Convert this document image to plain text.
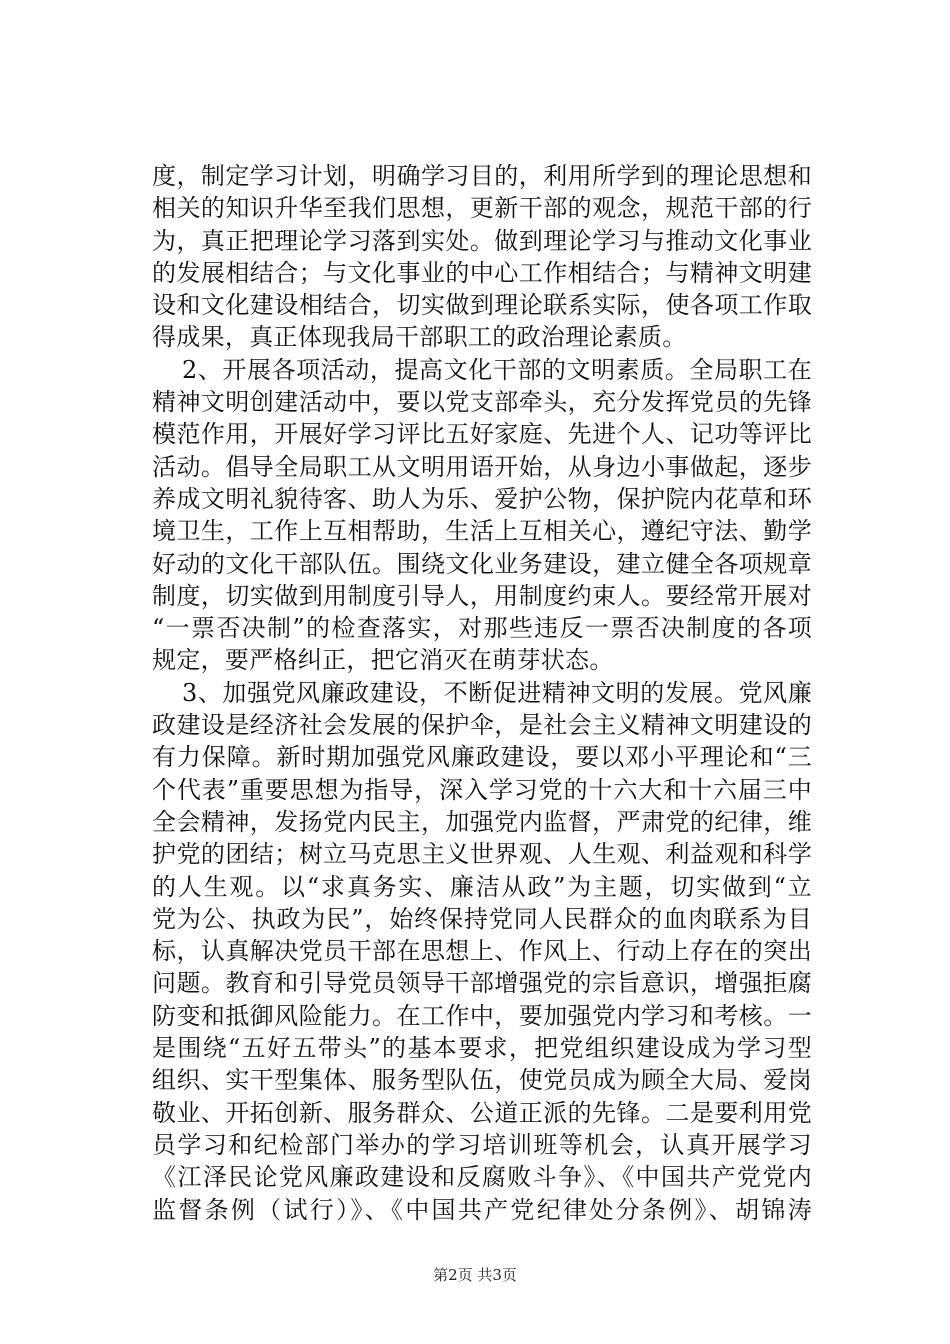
度，制定学习计划，明确学习目的，利用所学到的理论思想和
相关的知识升华至我们思想，更新干部的观念，规范干部的行
为，真正把理论学习落到实处。做到理论学习与推动文化事业
的发展相结合；与文化事业的中心工作相结合；与精神文明建
设和文化建设相结合，切实做到理论联系实际，使各项工作取
得成果，真正体现我局干部职工的政治理论素质。
2、开展各项活动，提高文化干部的文明素质。全局职工在
精神文明创建活动中，要以党支部牵头，充分发挥党员的先锋
模范作用，开展好学习评比五好家庭、先进个人、记功等评比
活动。倡导全局职工从文明用语开始，从身边小事做起，逐步
养成文明礼貌待客、助人为乐、爱护公物，保护院内花草和环
境卫生，工作上互相帮助，生活上互相关心，遵纪守法、勤学
好动的文化干部队伍。围绕文化业务建设，建立健全各项规章
制度，切实做到用制度引导人，用制度约束人。要经常开展对
“一票否决制”的检查落实，对那些违反一票否决制度的各项
规定，要严格纠正，把它消灭在萌芽状态。
3、加强党风廉政建设，不断促进精神文明的发展。党风廉
政建设是经济社会发展的保护伞，是社会主义精神文明建设的
有力保障。新时期加强党风廉政建设，要以邓小平理论和“三
个代表”重要思想为指导，深入学习党的十六大和十六届三中
全会精神，发扬党内民主，加强党内监督，严肃党的纪律，维
护党的团结；树立马克思主义世界观、人生观、利益观和科学
的人生观。以“求真务实、廉洁从政”为主题，切实做到“立
党为公、执政为民”，始终保持党同人民群众的血肉联系为目
标，认真解决党员干部在思想上、作风上、行动上存在的突出
问题。教育和引导党员领导干部增强党的宗旨意识，增强拒腐
防变和抵御风险能力。在工作中，要加强党内学习和考核。一
是围绕“五好五带头”的基本要求，把党组织建设成为学习型
组织、实干型集体、服务型队伍，使党员成为顾全大局、爱岗
敬业、开拓创新、服务群众、公道正派的先锋。二是要利用党
员学习和纪检部门举办的学习培训班等机会，认真开展学习
《江泽民论党风廉政建设和反腐败斗争》、《中国共产党党内
监督条例（试行）》、《中国共产党纪律处分条例》、胡锦涛
第2页 共3页
